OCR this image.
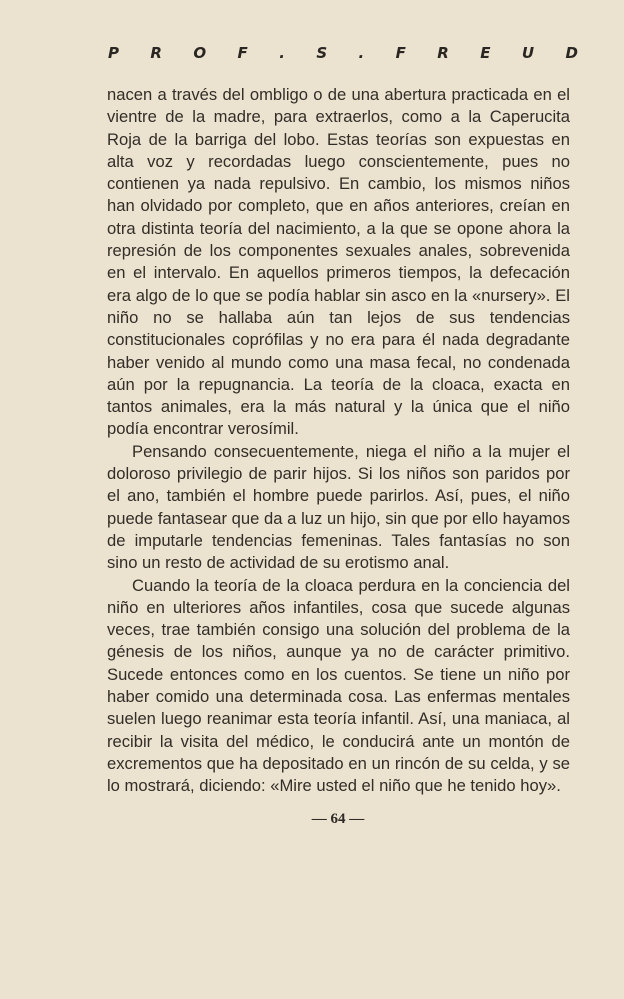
P R O F . S . F R E U D

nacen a través del ombligo o de una abertura practicada en el vientre de la madre, para extraerlos, como a la Caperucita Roja de la barriga del lobo. Estas teorías son expuestas en alta voz y recordadas luego conscientemente, pues no contienen ya nada repulsivo. En cambio, los mismos niños han olvidado por completo, que en años anteriores, creían en otra distinta teoría del nacimiento, a la que se opone ahora la represión de los componentes sexuales anales, sobrevenida en el intervalo. En aquellos primeros tiempos, la defecación era algo de lo que se podía hablar sin asco en la «nursery». El niño no se hallaba aún tan lejos de sus tendencias constitucionales coprófilas y no era para él nada degradante haber venido al mundo como una masa fecal, no condenada aún por la repugnancia. La teoría de la cloaca, exacta en tantos animales, era la más natural y la única que el niño podía encontrar verosímil.

Pensando consecuentemente, niega el niño a la mujer el doloroso privilegio de parir hijos. Si los niños son paridos por el ano, también el hombre puede parirlos. Así, pues, el niño puede fantasear que da a luz un hijo, sin que por ello hayamos de imputarle tendencias femeninas. Tales fantasías no son sino un resto de actividad de su erotismo anal.

Cuando la teoría de la cloaca perdura en la conciencia del niño en ulteriores años infantiles, cosa que sucede algunas veces, trae también consigo una solución del problema de la génesis de los niños, aunque ya no de carácter primitivo. Sucede entonces como en los cuentos. Se tiene un niño por haber comido una determinada cosa. Las enfermas mentales suelen luego reanimar esta teoría infantil. Así, una maniaca, al recibir la visita del médico, le conducirá ante un montón de excrementos que ha depositado en un rincón de su celda, y se lo mostrará, diciendo: «Mire usted el niño que he tenido hoy».

— 64 —
